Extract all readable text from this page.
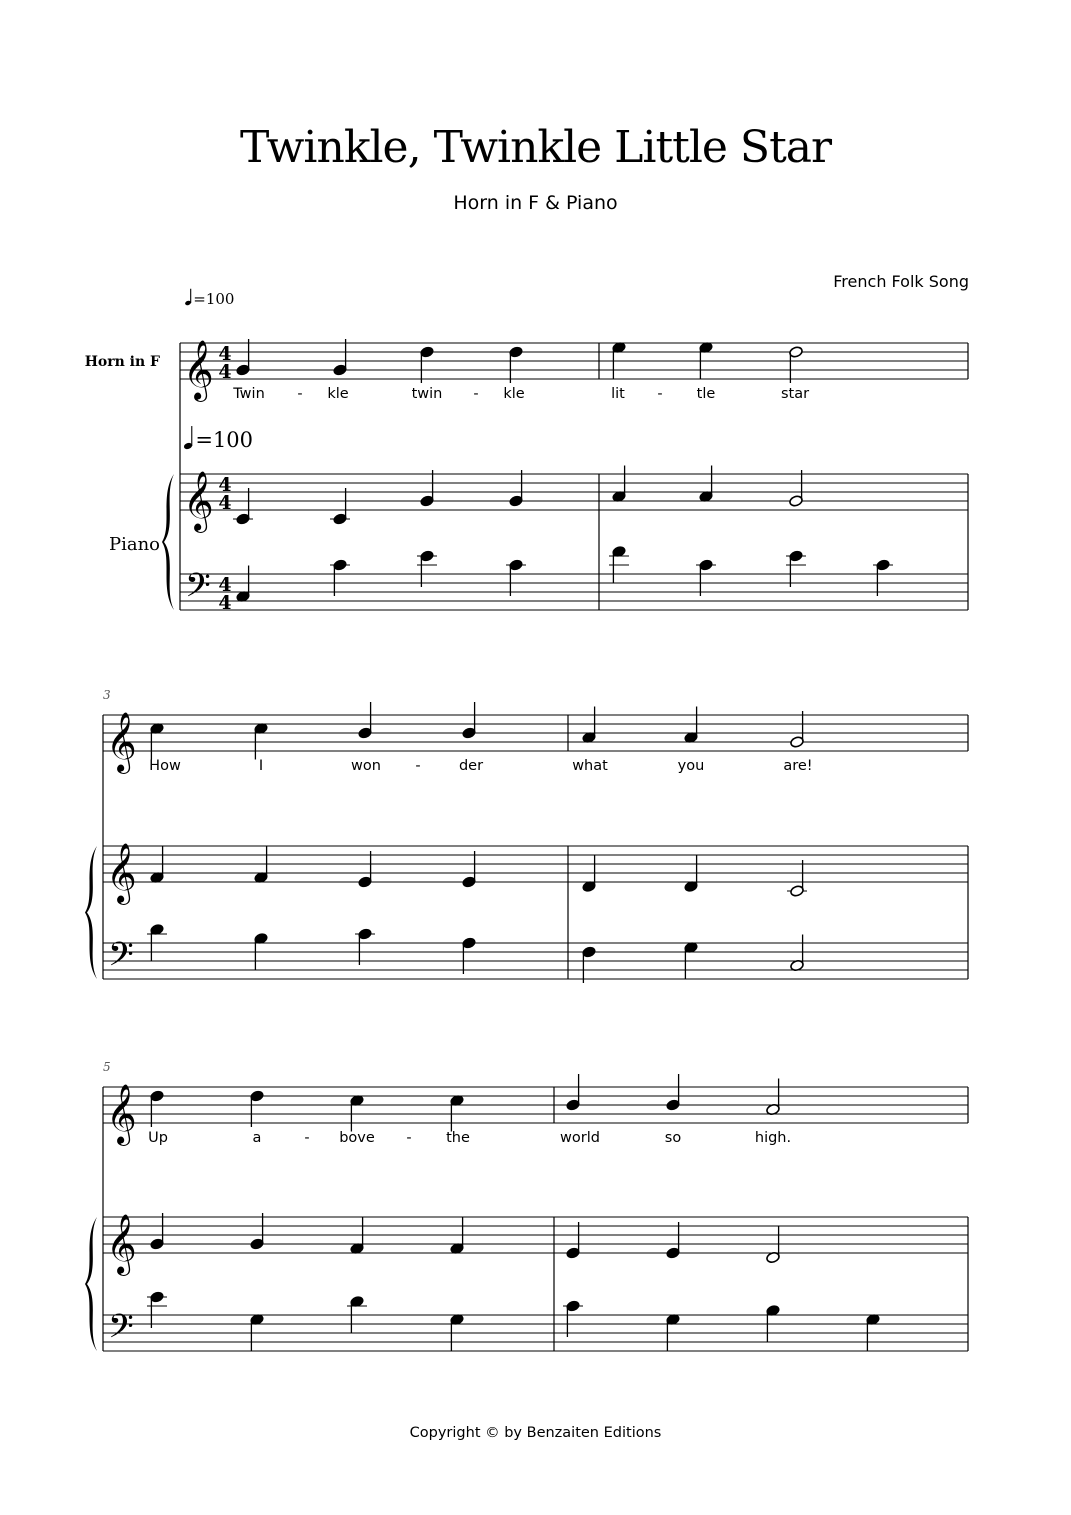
Twinkle, Twinkle Little Star
Horn in F & Piano
French Folk Song
𝄞
𝄞
𝄢
4
4
4
4
4
4
Twin - kle	twin - kle	lit - tle	star
𝄞
𝄞
𝄢
3
How	I	won -	der	what	you	are!
𝄞
𝄞
𝄢
5
Up	a	- bove - the	world	so	high.
Horn in F
Piano
=100
=100
Copyright © by Benzaiten Editions
